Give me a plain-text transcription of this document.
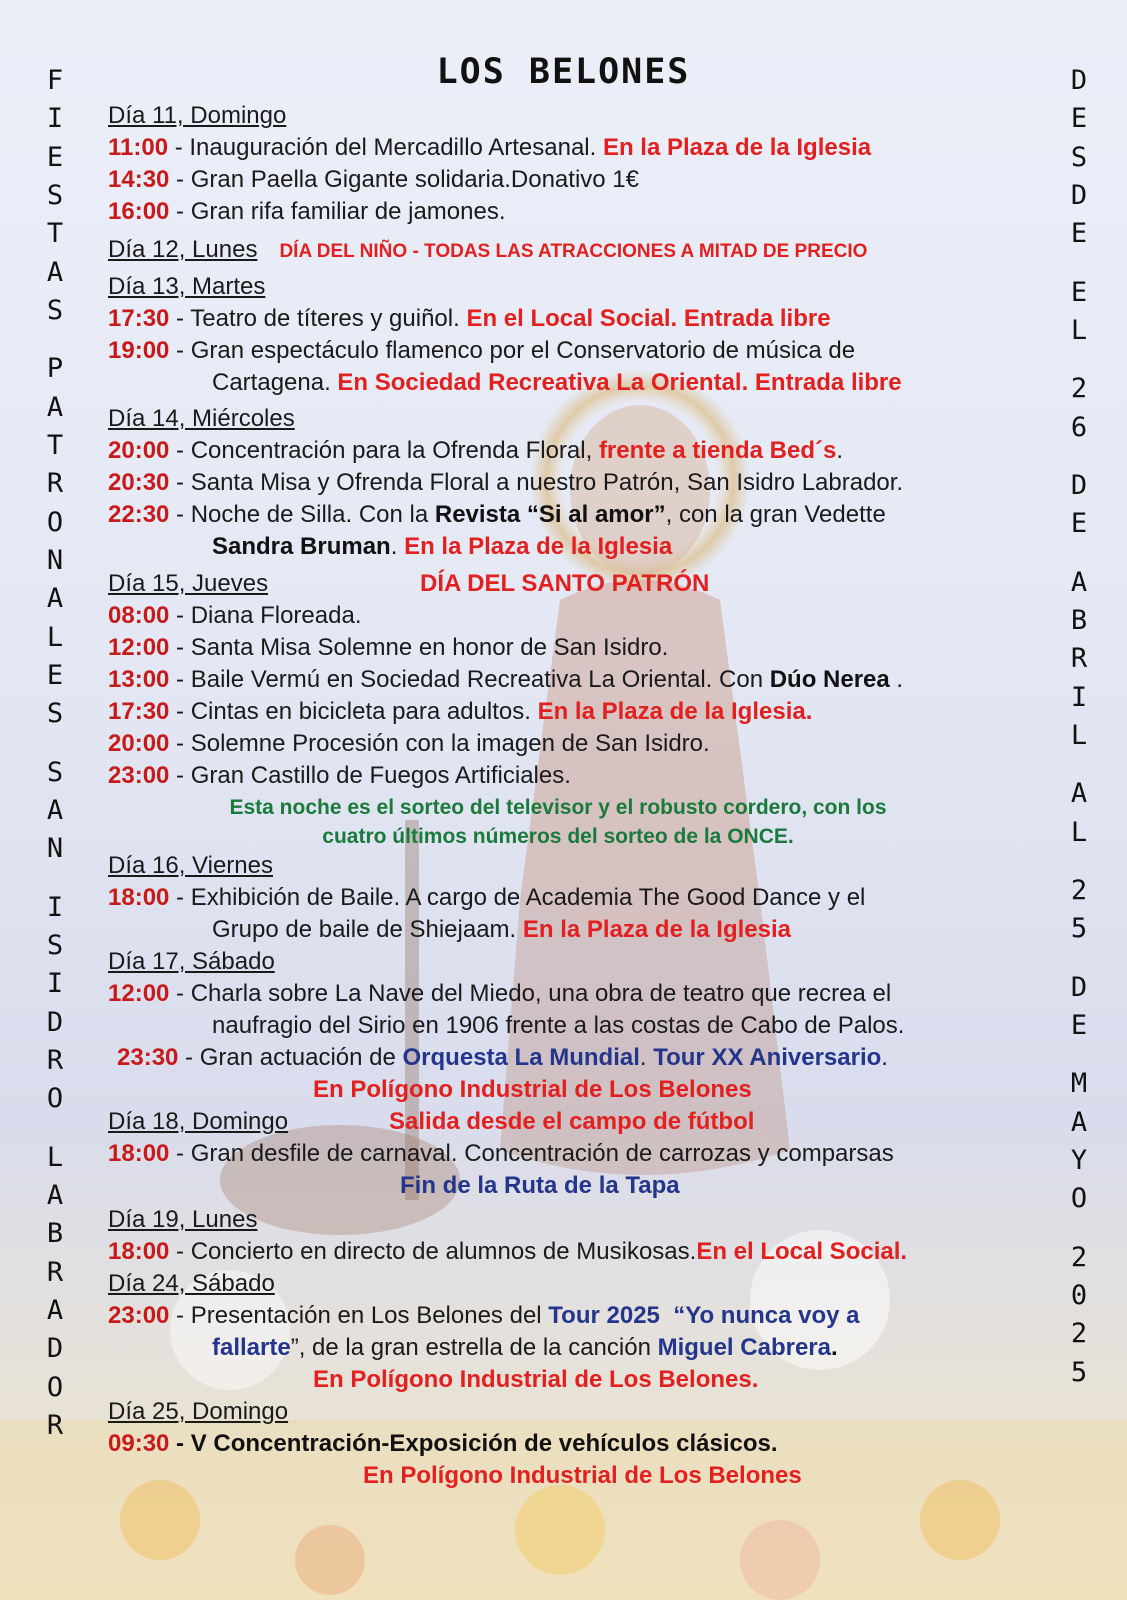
F
I
E
S
T
A
S
P
A
T
R
O
N
A
L
E
S
S
A
N
I
S
I
D
R
O
L
A
B
R
A
D
O
R
D
E
S
D
E
E
L
2
6
D
E
A
B
R
I
L
A
L
2
5
D
E
M
A
Y
O
2
0
2
5
LOS BELONES
Día 11, Domingo
11:00 - Inauguración del Mercadillo Artesanal. En la Plaza de la Iglesia
14:30 - Gran Paella Gigante solidaria.Donativo 1€
16:00 - Gran rifa familiar de jamones.
Día 12, Lunes DÍA DEL NIÑO - TODAS LAS ATRACCIONES A MITAD DE PRECIO
Día 13, Martes
17:30 - Teatro de títeres y guiñol. En el Local Social. Entrada libre
19:00 - Gran espectáculo flamenco por el Conservatorio de música de
Cartagena. En Sociedad Recreativa La Oriental. Entrada libre
Día 14, Miércoles
20:00 - Concentración para la Ofrenda Floral, frente a tienda Bed´s.
20:30 - Santa Misa y Ofrenda Floral a nuestro Patrón, San Isidro Labrador.
22:30 - Noche de Silla. Con la Revista “Si al amor”, con la gran Vedette
Sandra Bruman. En la Plaza de la Iglesia
Día 15, Jueves	DÍA DEL SANTO PATRÓN
08:00 - Diana Floreada.
12:00 - Santa Misa Solemne en honor de San Isidro.
13:00 - Baile Vermú en Sociedad Recreativa La Oriental. Con Dúo Nerea .
17:30 - Cintas en bicicleta para adultos. En la Plaza de la Iglesia.
20:00 - Solemne Procesión con la imagen de San Isidro.
23:00 - Gran Castillo de Fuegos Artificiales.
Esta noche es el sorteo del televisor y el robusto cordero, con los
cuatro últimos números del sorteo de la ONCE.
Día 16, Viernes
18:00 - Exhibición de Baile. A cargo de Academia The Good Dance y el
Grupo de baile de Shiejaam. En la Plaza de la Iglesia
Día 17, Sábado
12:00 - Charla sobre La Nave del Miedo, una obra de teatro que recrea el
naufragio del Sirio en 1906 frente a las costas de Cabo de Palos.
23:30 - Gran actuación de Orquesta La Mundial. Tour XX Aniversario.
En Polígono Industrial de Los Belones
Día 18, Domingo	Salida desde el campo de fútbol
18:00 - Gran desfile de carnaval. Concentración de carrozas y comparsas
Fin de la Ruta de la Tapa
Día 19, Lunes
18:00 - Concierto en directo de alumnos de Musikosas.En el Local Social.
Día 24, Sábado
23:00 - Presentación en Los Belones del Tour 2025  “Yo nunca voy a
fallarte”, de la gran estrella de la canción Miguel Cabrera.
En Polígono Industrial de Los Belones.
Día 25, Domingo
09:30 - V Concentración-Exposición de vehículos clásicos.
En Polígono Industrial de Los Belones
